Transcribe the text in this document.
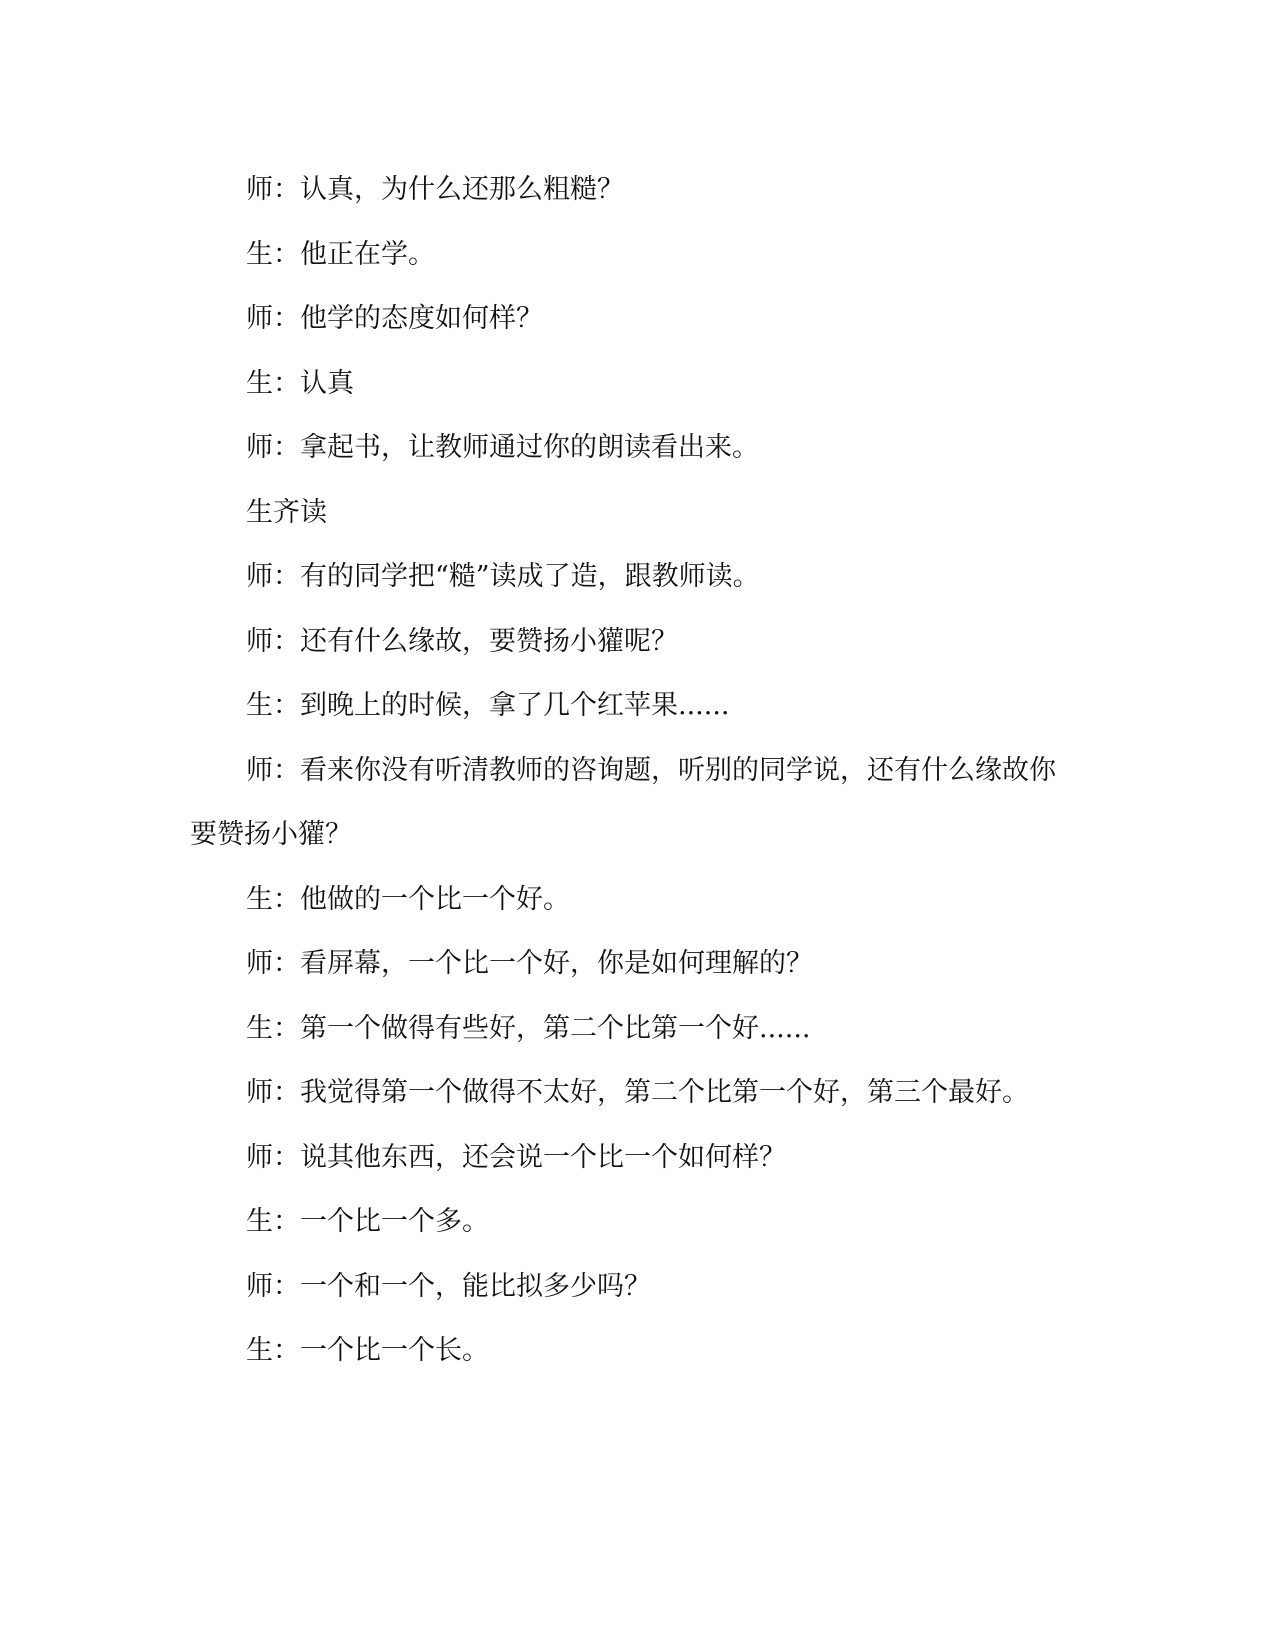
师：认真，为什么还那么粗糙？

生：他正在学。

师：他学的态度如何样？

生：认真

师：拿起书，让教师通过你的朗读看出来。

生齐读

师：有的同学把“糙”读成了造，跟教师读。

师：还有什么缘故，要赞扬小獾呢？

生：到晚上的时候，拿了几个红苹果......

师：看来你没有听清教师的咨询题，听别的同学说，还有什么缘故你要赞扬小獾？

生：他做的一个比一个好。

师：看屏幕，一个比一个好，你是如何理解的？

生：第一个做得有些好，第二个比第一个好......

师：我觉得第一个做得不太好，第二个比第一个好，第三个最好。

师：说其他东西，还会说一个比一个如何样？

生：一个比一个多。

师：一个和一个，能比拟多少吗？

生：一个比一个长。
